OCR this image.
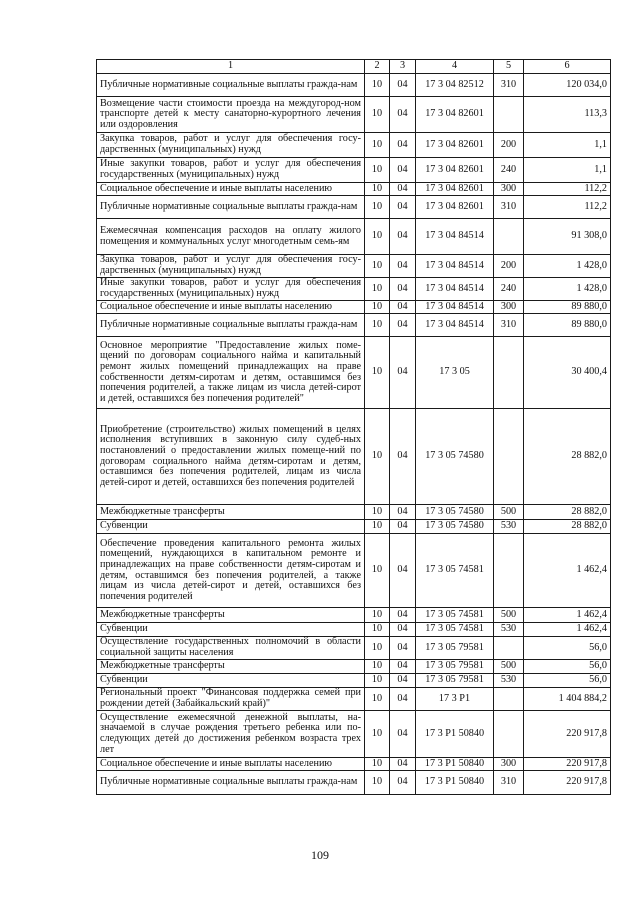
1	2	3	4	5	6
Публичные нормативные социальные выплаты гражда-нам	10	04	17 3 04 82512	310	120 034,0
Возмещение части стоимости проезда на междугород-ном транспорте детей к месту санаторно-курортного лечения или оздоровления	10	04	17 3 04 82601		113,3
Закупка товаров, работ и услуг для обеспечения госу-дарственных (муниципальных) нужд	10	04	17 3 04 82601	200	1,1
Иные закупки товаров, работ и услуг для обеспечения государственных (муниципальных) нужд	10	04	17 3 04 82601	240	1,1
Социальное обеспечение и иные выплаты населению	10	04	17 3 04 82601	300	112,2
Публичные нормативные социальные выплаты гражда-нам	10	04	17 3 04 82601	310	112,2
Ежемесячная компенсация расходов на оплату жилого помещения и коммунальных услуг многодетным семь-ям	10	04	17 3 04 84514		91 308,0
Закупка товаров, работ и услуг для обеспечения госу-дарственных (муниципальных) нужд	10	04	17 3 04 84514	200	1 428,0
Иные закупки товаров, работ и услуг для обеспечения государственных (муниципальных) нужд	10	04	17 3 04 84514	240	1 428,0
Социальное обеспечение и иные выплаты населению	10	04	17 3 04 84514	300	89 880,0
Публичные нормативные социальные выплаты гражда-нам	10	04	17 3 04 84514	310	89 880,0
Основное мероприятие "Предоставление жилых поме-щений по договорам социального найма и капитальный ремонт жилых помещений принадлежащих на праве собственности детям-сиротам и детям, оставшимся без попечения родителей, а также лицам из числа детей-сирот и детей, оставшихся без попечения родителей"	10	04	17 3 05		30 400,4
Приобретение (строительство) жилых помещений в целях исполнения вступивших в законную силу судеб-ных постановлений о предоставлении жилых помеще-ний по договорам социального найма детям-сиротам и детям, оставшимся без попечения родителей, лицам из числа детей-сирот и детей, оставшихся без попечения родителей	10	04	17 3 05 74580		28 882,0
Межбюджетные трансферты	10	04	17 3 05 74580	500	28 882,0
Субвенции	10	04	17 3 05 74580	530	28 882,0
Обеспечение проведения капитального ремонта жилых помещений, нуждающихся в капитальном ремонте и принадлежащих на праве собственности детям-сиротам и детям, оставшимся без попечения родителей, а также лицам из числа детей-сирот и детей, оставшихся без попечения родителей	10	04	17 3 05 74581		1 462,4
Межбюджетные трансферты	10	04	17 3 05 74581	500	1 462,4
Субвенции	10	04	17 3 05 74581	530	1 462,4
Осуществление государственных полномочий в области социальной защиты населения	10	04	17 3 05 79581		56,0
Межбюджетные трансферты	10	04	17 3 05 79581	500	56,0
Субвенции	10	04	17 3 05 79581	530	56,0
Региональный проект "Финансовая поддержка семей при рождении детей (Забайкальский край)"	10	04	17 3 P1		1 404 884,2
Осуществление ежемесячной денежной выплаты, на-значаемой в случае рождения третьего ребенка или по-следующих детей до достижения ребенком возраста трех лет	10	04	17 3 P1 50840		220 917,8
Социальное обеспечение и иные выплаты населению	10	04	17 3 P1 50840	300	220 917,8
Публичные нормативные социальные выплаты гражда-нам	10	04	17 3 P1 50840	310	220 917,8
109
